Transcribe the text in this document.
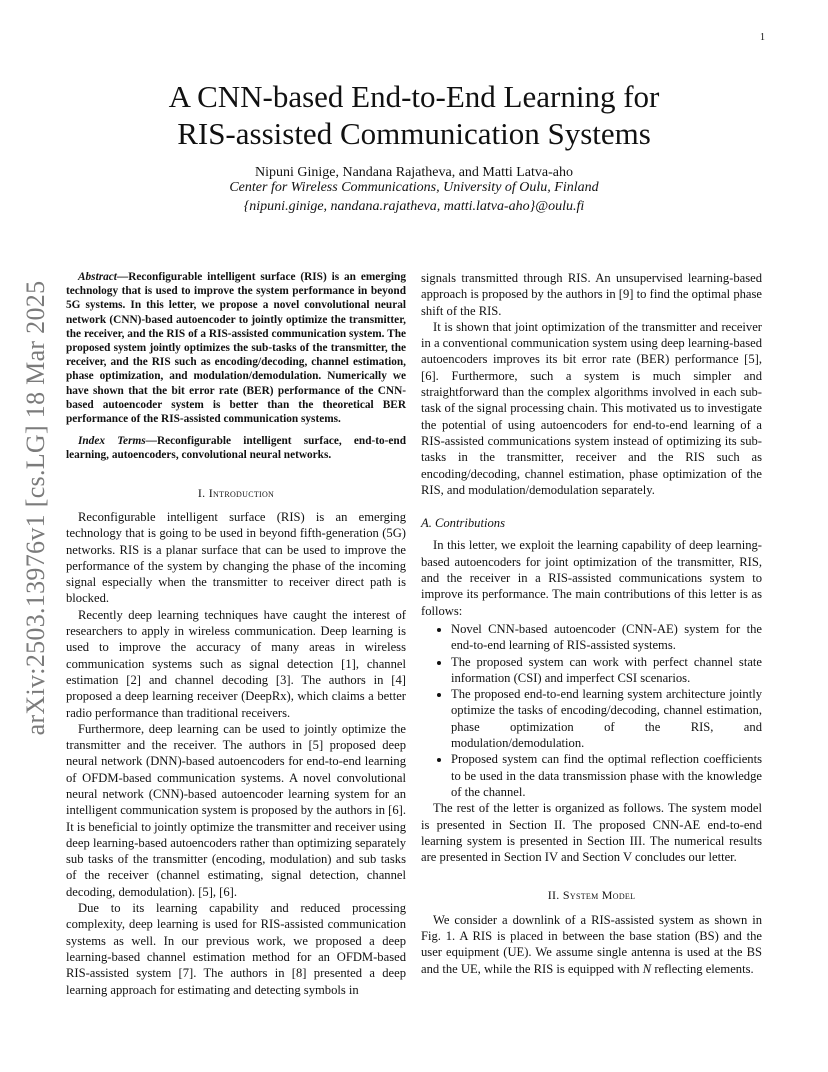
1
arXiv:2503.13976v1 [cs.LG] 18 Mar 2025
A CNN-based End-to-End Learning for
RIS-assisted Communication Systems
Nipuni Ginige, Nandana Rajatheva, and Matti Latva-aho
Center for Wireless Communications, University of Oulu, Finland
{nipuni.ginige, nandana.rajatheva, matti.latva-aho}@oulu.fi

Abstract—Reconfigurable intelligent surface (RIS) is an emerging technology that is used to improve the system performance in beyond 5G systems. In this letter, we propose a novel convolutional neural network (CNN)-based autoencoder to jointly optimize the transmitter, the receiver, and the RIS of a RIS-assisted communication system. The proposed system jointly optimizes the sub-tasks of the transmitter, the receiver, and the RIS such as encoding/decoding, channel estimation, phase optimization, and modulation/demodulation. Numerically we have shown that the bit error rate (BER) performance of the CNN-based autoencoder system is better than the theoretical BER performance of the RIS-assisted communication systems.

Index Terms—Reconfigurable intelligent surface, end-to-end learning, autoencoders, convolutional neural networks.

I. Introduction

Reconfigurable intelligent surface (RIS) is an emerging technology that is going to be used in beyond fifth-generation (5G) networks. RIS is a planar surface that can be used to improve the performance of the system by changing the phase of the incoming signal especially when the transmitter to receiver direct path is blocked.

Recently deep learning techniques have caught the interest of researchers to apply in wireless communication. Deep learning is used to improve the accuracy of many areas in wireless communication systems such as signal detection [1], channel estimation [2] and channel decoding [3]. The authors in [4] proposed a deep learning receiver (DeepRx), which claims a better radio performance than traditional receivers.

Furthermore, deep learning can be used to jointly optimize the transmitter and the receiver. The authors in [5] proposed deep neural network (DNN)-based autoencoders for end-to-end learning of OFDM-based communication systems. A novel convolutional neural network (CNN)-based autoencoder learning system for an intelligent communication system is proposed by the authors in [6]. It is beneficial to jointly optimize the transmitter and receiver using deep learning-based autoencoders rather than optimizing separately sub tasks of the transmitter (encoding, modulation) and sub tasks of the receiver (channel estimating, signal detection, channel decoding, demodulation). [5], [6].

Due to its learning capability and reduced processing complexity, deep learning is used for RIS-assisted communication systems as well. In our previous work, we proposed a deep learning-based channel estimation method for an OFDM-based RIS-assisted system [7]. The authors in [8] presented a deep learning approach for estimating and detecting symbols in

signals transmitted through RIS. An unsupervised learning-based approach is proposed by the authors in [9] to find the optimal phase shift of the RIS.

It is shown that joint optimization of the transmitter and receiver in a conventional communication system using deep learning-based autoencoders improves its bit error rate (BER) performance [5], [6]. Furthermore, such a system is much simpler and straightforward than the complex algorithms involved in each sub-task of the signal processing chain. This motivated us to investigate the potential of using autoencoders for end-to-end learning of a RIS-assisted communications system instead of optimizing its sub-tasks in the transmitter, receiver and the RIS such as encoding/decoding, channel estimation, phase optimization of the RIS, and modulation/demodulation separately.

A. Contributions

In this letter, we exploit the learning capability of deep learning-based autoencoders for joint optimization of the transmitter, RIS, and the receiver in a RIS-assisted communications system to improve its performance. The main contributions of this letter is as follows:

• Novel CNN-based autoencoder (CNN-AE) system for the end-to-end learning of RIS-assisted systems.
• The proposed system can work with perfect channel state information (CSI) and imperfect CSI scenarios.
• The proposed end-to-end learning system architecture jointly optimize the tasks of encoding/decoding, channel estimation, phase optimization of the RIS, and modulation/demodulation.
• Proposed system can find the optimal reflection coefficients to be used in the data transmission phase with the knowledge of the channel.

The rest of the letter is organized as follows. The system model is presented in Section II. The proposed CNN-AE end-to-end learning system is presented in Section III. The numerical results are presented in Section IV and Section V concludes our letter.

II. System Model

We consider a downlink of a RIS-assisted system as shown in Fig. 1. A RIS is placed in between the base station (BS) and the user equipment (UE). We assume single antenna is used at the BS and the UE, while the RIS is equipped with N reflecting elements.
